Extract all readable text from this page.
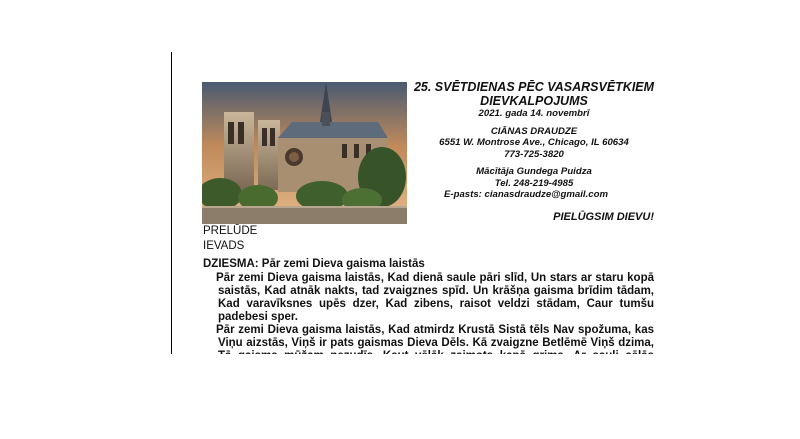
25. SVĒTDIENAS PĒC VASARSVĒTKIEM
DIEVKALPOJUMS
2021. gada 14. novembrī
CIĀNAS DRAUDZE
6551 W. Montrose Ave., Chicago, IL 60634
773-725-3820
Mācītāja Gundega Puidza
Tel. 248-219-4985
E-pasts: cianasdraudze@gmail.com
PIELŪGSIM DIEVU!
PRELŪDE
IEVADS
DZIESMA: Pār zemi Dieva gaisma laistās
Pār zemi Dieva gaisma laistās, Kad dienā saule pāri slīd, Un stars ar staru kopā saistās, Kad atnāk nakts, tad zvaigznes spīd. Un krāšņa gaisma brīdim tādam, Kad varavīksnes upēs dzer, Kad zibens, raisot veldzi stādam, Caur tumšu padebesi sper.
Pār zemi Dieva gaisma laistās, Kad atmirdz Krustā Sistā tēls Nav spožuma, kas Viņu aizstās, Viņš ir pats gaismas Dieva Dēls. Kā zvaigzne Betlēmē Viņš dzima,
